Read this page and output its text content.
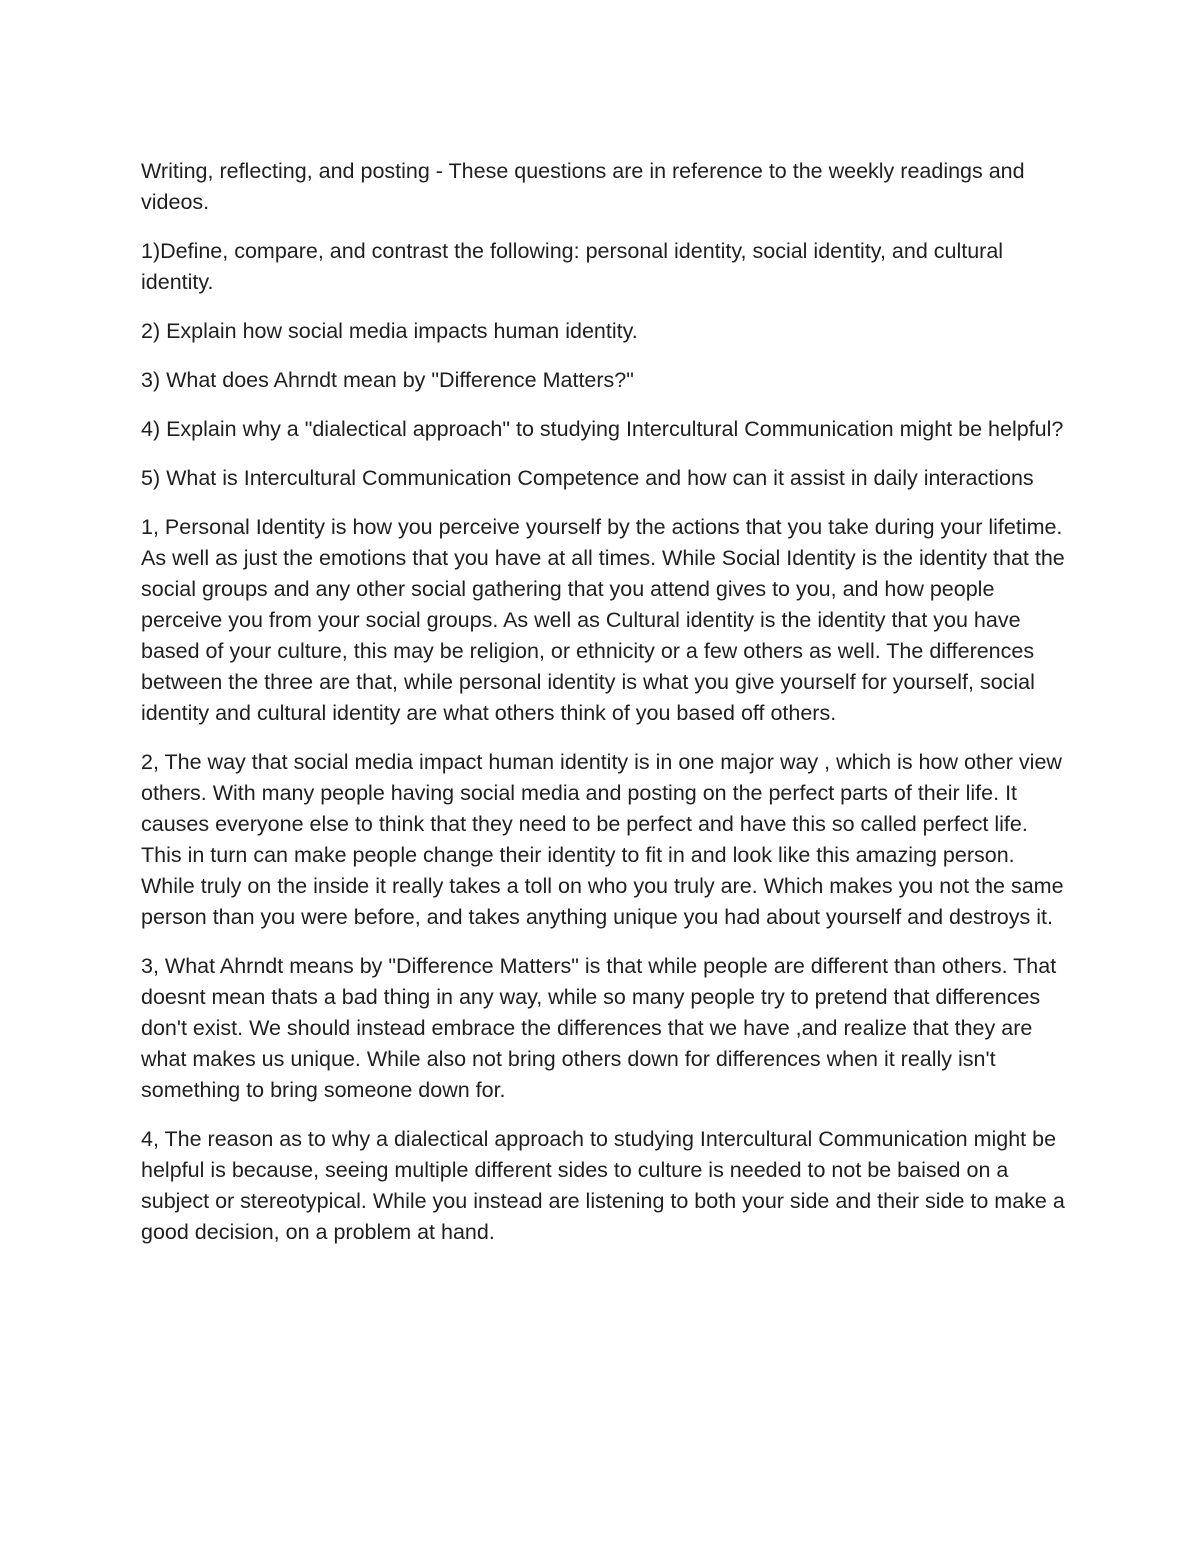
Writing, reflecting, and posting - These questions are in reference to the weekly readings and videos.

1)Define, compare, and contrast the following: personal identity, social identity, and cultural identity.

2) Explain how social media impacts human identity.

3) What does Ahrndt mean by "Difference Matters?"

4) Explain why a "dialectical approach" to studying Intercultural Communication might be helpful?

5) What is Intercultural Communication Competence and how can it assist in daily interactions

1, Personal Identity is how you perceive yourself by the actions that you take during your lifetime. As well as just the emotions that you have at all times. While Social Identity is the identity that the social groups and any other social gathering that you attend gives to you, and how people perceive you from your social groups. As well as Cultural identity is the identity that you have based of your culture, this may be religion, or ethnicity or a few others as well. The differences between the three are that, while personal identity is what you give yourself for yourself, social identity and cultural identity are what others think of you based off others.

2, The way that social media impact human identity is in one major way , which is how other view others. With many people having social media and posting on the perfect parts of their life. It causes everyone else to think that they need to be perfect and have this so called perfect life. This in turn can make people change their identity to fit in and look like this amazing person. While truly on the inside it really takes a toll on who you truly are. Which makes you not the same person than you were before, and takes anything unique you had about yourself and destroys it.

3, What Ahrndt means by "Difference Matters" is that while people are different than others. That doesnt mean thats a bad thing in any way, while so many people try to pretend that differences don't exist. We should instead embrace the differences that we have ,and realize that they are what makes us unique. While also not bring others down for differences when it really isn't something to bring someone down for.

4, The reason as to why a dialectical approach to studying Intercultural Communication might be helpful is because, seeing multiple different sides to culture is needed to not be baised on a subject or stereotypical. While you instead are listening to both your side and their side to make a good decision, on a problem at hand.
